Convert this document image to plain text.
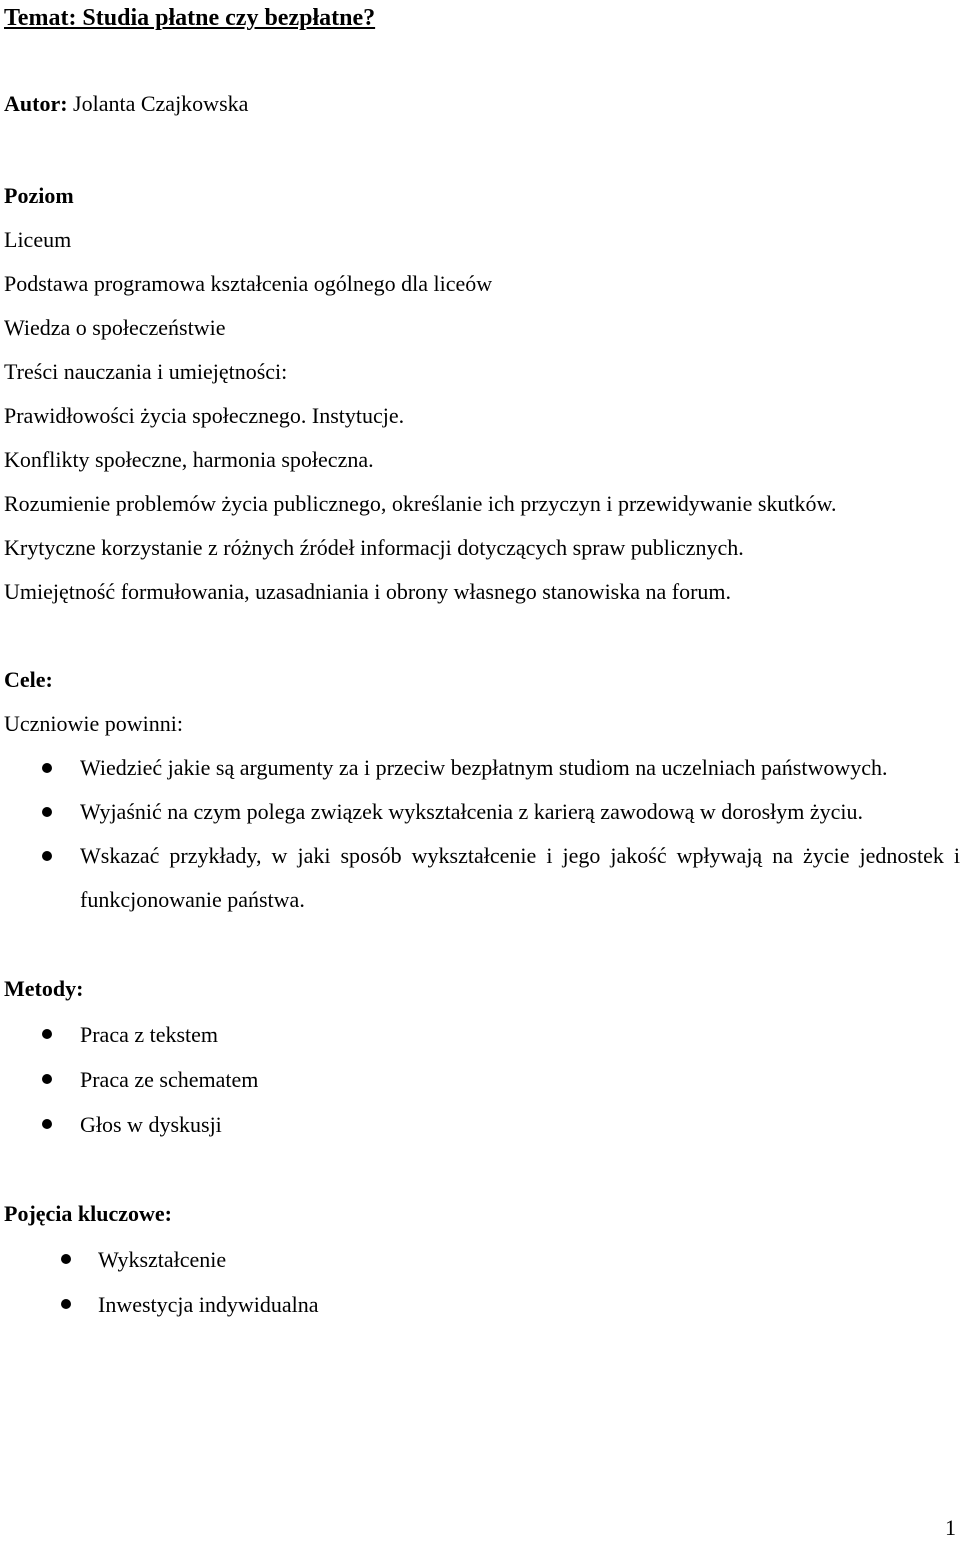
Temat: Studia płatne czy bezpłatne?

Autor: Jolanta Czajkowska

Poziom

Liceum

Podstawa programowa kształcenia ogólnego dla liceów

Wiedza o społeczeństwie

Treści nauczania i umiejętności:

Prawidłowości życia społecznego. Instytucje.

Konflikty społeczne, harmonia społeczna.

Rozumienie problemów życia publicznego, określanie ich przyczyn i przewidywanie skutków.

Krytyczne korzystanie z różnych źródeł informacji dotyczących spraw publicznych.

Umiejętność formułowania, uzasadniania i obrony własnego stanowiska na forum.

Cele:

Uczniowie powinni:

Wiedzieć jakie są argumenty za i przeciw bezpłatnym studiom na uczelniach państwowych.
Wyjaśnić na czym polega związek wykształcenia z karierą zawodową w dorosłym życiu.
Wskazać przykłady, w jaki sposób wykształcenie i jego jakość wpływają na życie jednostek i funkcjonowanie państwa.

Metody:

Praca z tekstem
Praca ze schematem
Głos w dyskusji

Pojęcia kluczowe:

Wykształcenie
Inwestycja indywidualna
1
